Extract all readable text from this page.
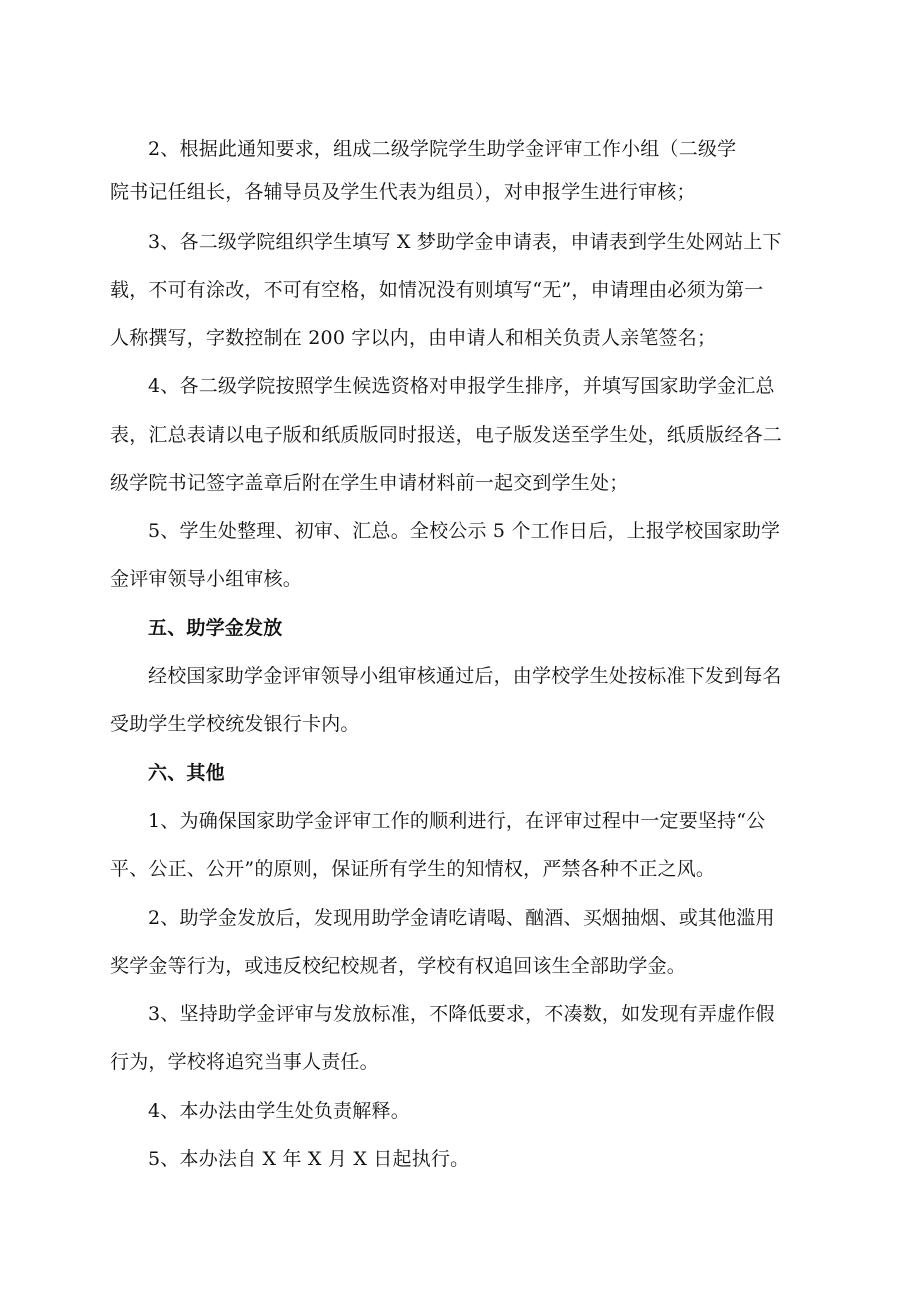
2、根据此通知要求，组成二级学院学生助学金评审工作小组（二级学
院书记任组长，各辅导员及学生代表为组员），对申报学生进行审核；
3、各二级学院组织学生填写 X 梦助学金申请表，申请表到学生处网站上下
载，不可有涂改，不可有空格，如情况没有则填写“无”，申请理由必须为第一
人称撰写，字数控制在 200 字以内，由申请人和相关负责人亲笔签名；
4、各二级学院按照学生候选资格对申报学生排序，并填写国家助学金汇总
表，汇总表请以电子版和纸质版同时报送，电子版发送至学生处，纸质版经各二
级学院书记签字盖章后附在学生申请材料前一起交到学生处；
5、学生处整理、初审、汇总。全校公示 5 个工作日后，上报学校国家助学
金评审领导小组审核。
五、助学金发放
经校国家助学金评审领导小组审核通过后，由学校学生处按标准下发到每名
受助学生学校统发银行卡内。
六、其他
1、为确保国家助学金评审工作的顺利进行，在评审过程中一定要坚持“公
平、公正、公开”的原则，保证所有学生的知情权，严禁各种不正之风。
2、助学金发放后，发现用助学金请吃请喝、酗酒、买烟抽烟、或其他滥用
奖学金等行为，或违反校纪校规者，学校有权追回该生全部助学金。
3、坚持助学金评审与发放标准，不降低要求，不凑数，如发现有弄虚作假
行为，学校将追究当事人责任。
4、本办法由学生处负责解释。
5、本办法自 X 年 X 月 X 日起执行。
